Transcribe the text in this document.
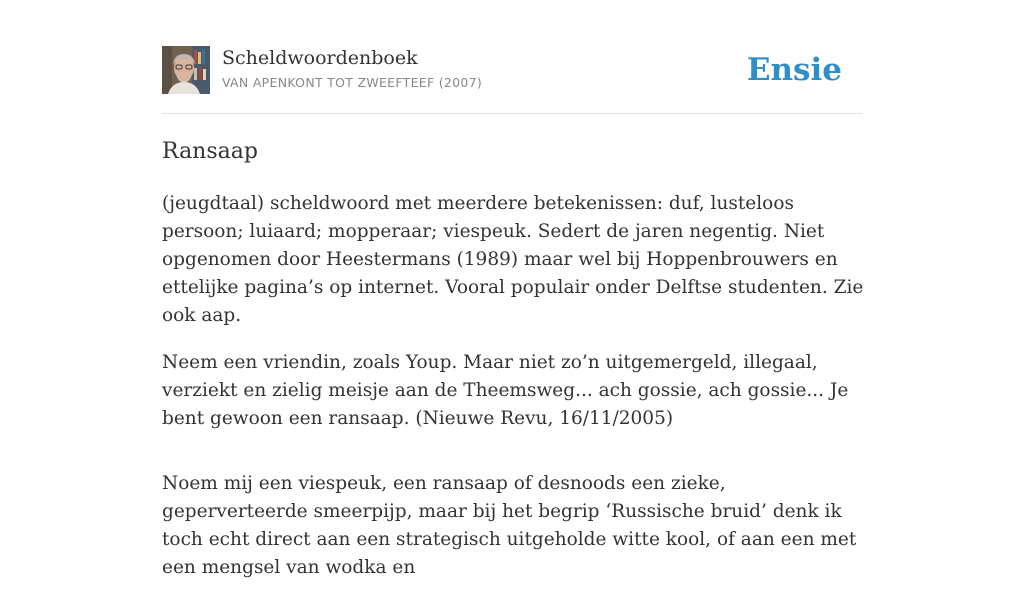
Scheldwoordenboek
VAN APENKONT TOT ZWEEFTEEF (2007)	Ensie
Ransaap

(jeugdtaal) scheldwoord met meerdere betekenissen: duf, lusteloos persoon; luiaard; mopperaar; viespeuk. Sedert de jaren negentig. Niet opgenomen door Heestermans (1989) maar wel bij Hoppenbrouwers en ettelijke pagina’s op internet. Vooral populair onder Delftse studenten. Zie ook aap.

Neem een vriendin, zoals Youp. Maar niet zo’n uitgemergeld, illegaal, verziekt en zielig meisje aan de Theemsweg... ach gossie, ach gossie... Je bent gewoon een ransaap. (Nieuwe Revu, 16/11/2005)

Noem mij een viespeuk, een ransaap of desnoods een zieke, geperverteerde smeerpijp, maar bij het begrip ‘Russische bruid’ denk ik toch echt direct aan een strategisch uitgeholde witte kool, of aan een met een mengsel van wodka en
